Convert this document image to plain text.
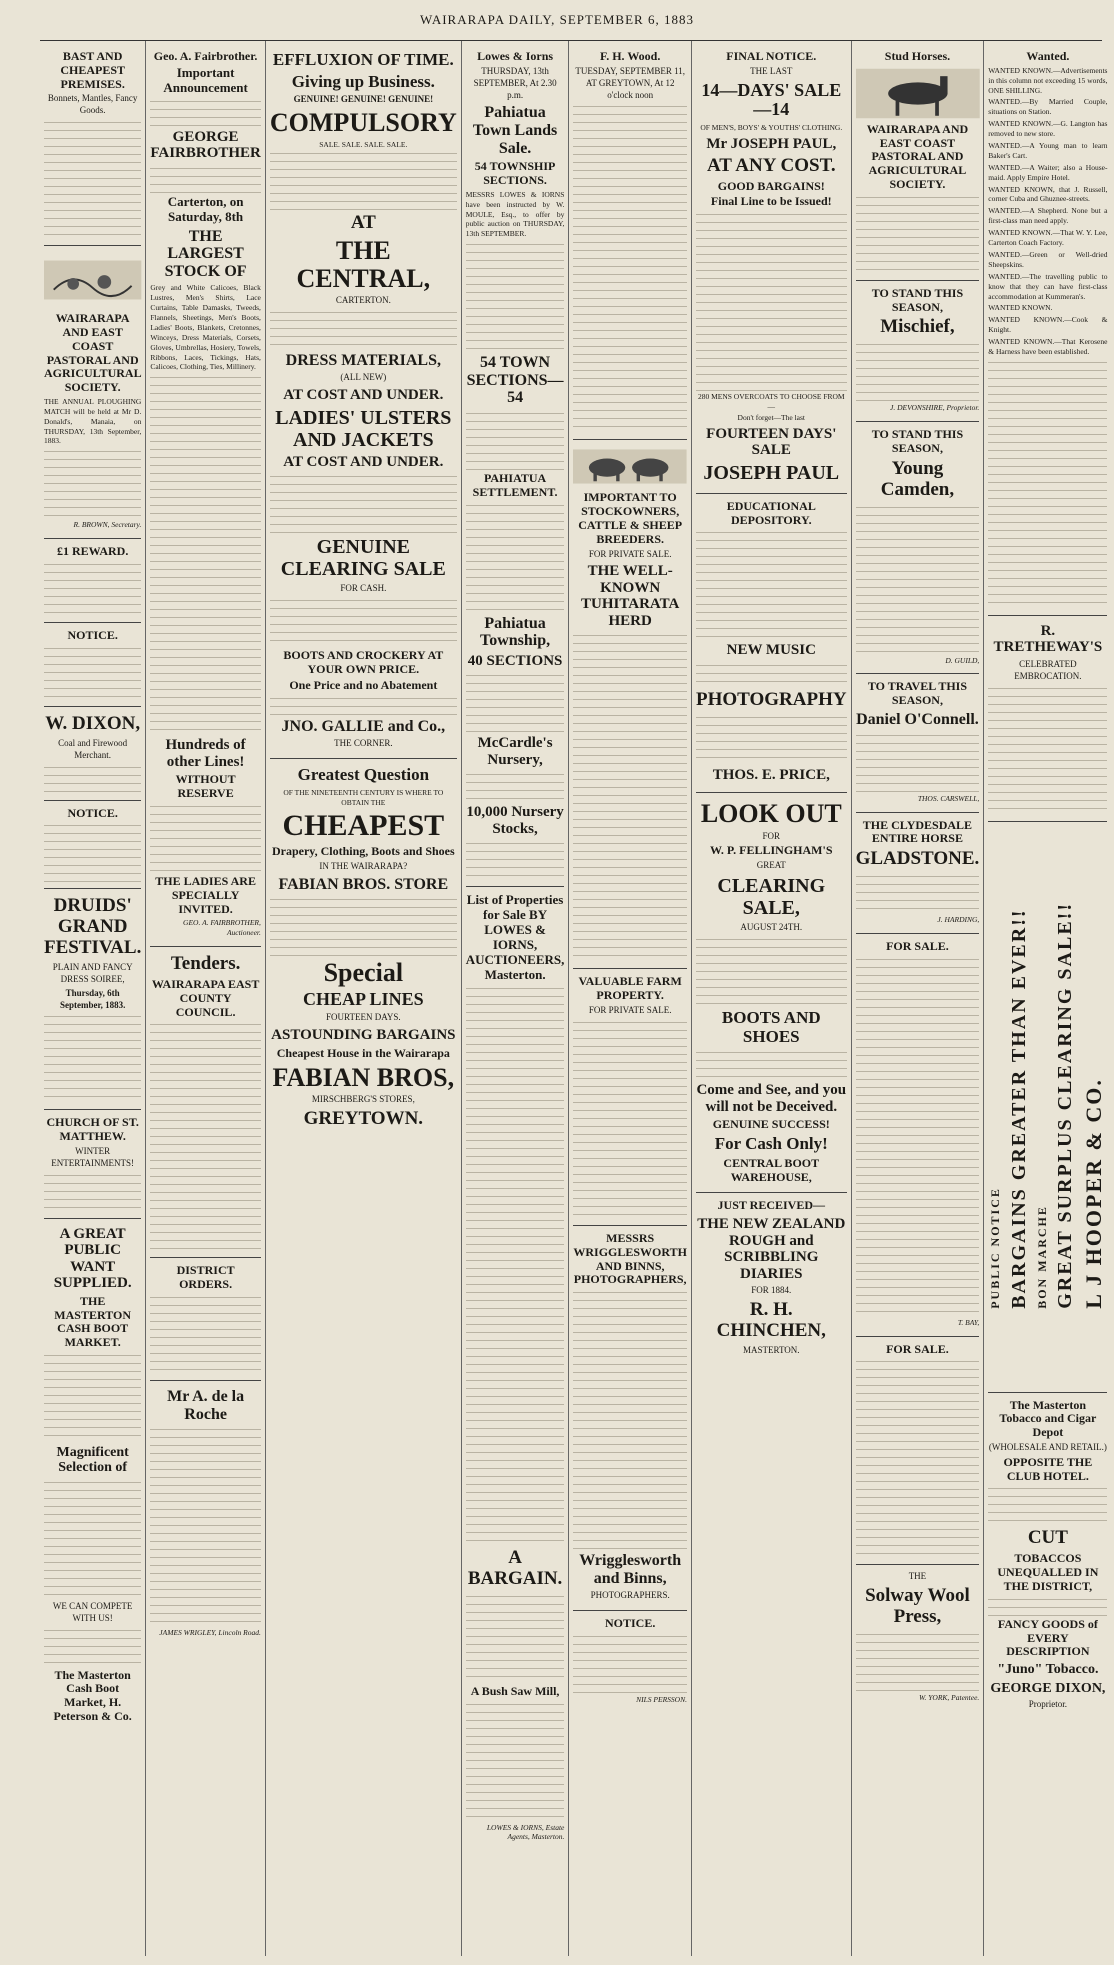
WAIRARAPA DAILY, SEPTEMBER 6, 1883
BAST AND CHEAPEST PREMISES.
Bonnets, Mantles, Fancy Goods.
WAIRARAPA AND EAST COAST PASTORAL AND AGRICULTURAL SOCIETY.
THE ANNUAL PLOUGHING MATCH will be held at Mr D. Donald's, Manaia, on THURSDAY, 13th September, 1883.
R. BROWN, Secretary.
£1 REWARD.
NOTICE.
W. DIXON,
Coal and Firewood Merchant.
NOTICE.
DRUIDS' GRAND FESTIVAL.
PLAIN AND FANCY DRESS SOIREE,
Thursday, 6th September, 1883.
CHURCH OF ST. MATTHEW.
WINTER ENTERTAINMENTS!
A GREAT PUBLIC WANT SUPPLIED.
THE MASTERTON CASH BOOT MARKET.
Magnificent Selection of
WE CAN COMPETE WITH US!
The Masterton Cash Boot Market, H. Peterson & Co.
Geo. A. Fairbrother.
Important Announcement
GEORGE FAIRBROTHER
Carterton, on Saturday, 8th
THE LARGEST STOCK OF
Grey and White Calicoes, Black Lustres, Men's Shirts, Lace Curtains, Table Damasks, Tweeds, Flannels, Sheetings, Men's Boots, Ladies' Boots, Blankets, Cretonnes, Winceys, Dress Materials, Corsets, Gloves, Umbrellas, Hosiery, Towels, Ribbons, Laces, Tickings, Hats, Calicoes, Clothing, Ties, Millinery.
Hundreds of other Lines!
WITHOUT RESERVE
THE LADIES ARE SPECIALLY INVITED.
GEO. A. FAIRBROTHER, Auctioneer.
Tenders.
WAIRARAPA EAST COUNTY COUNCIL.
DISTRICT ORDERS.
Mr A. de la Roche
JAMES WRIGLEY, Lincoln Road.
EFFLUXION OF TIME.
Giving up Business.
GENUINE! GENUINE! GENUINE!
COMPULSORY
SALE. SALE. SALE. SALE.
AT
THE CENTRAL,
CARTERTON.
DRESS MATERIALS,
(ALL NEW)
AT COST AND UNDER.
LADIES' ULSTERS AND JACKETS
AT COST AND UNDER.
GENUINE CLEARING SALE
FOR CASH.
BOOTS AND CROCKERY AT YOUR OWN PRICE.
One Price and no Abatement
JNO. GALLIE and Co.,
THE CORNER.
Greatest Question
OF THE NINETEENTH CENTURY IS WHERE TO OBTAIN THE
CHEAPEST
Drapery, Clothing, Boots and Shoes
IN THE WAIRARAPA?
FABIAN BROS. STORE
Special
CHEAP LINES
FOURTEEN DAYS.
ASTOUNDING BARGAINS
Cheapest House in the Wairarapa
FABIAN BROS,
MIRSCHBERG'S STORES,
GREYTOWN.
Lowes & Iorns
THURSDAY, 13th SEPTEMBER, At 2.30 p.m.
Pahiatua Town Lands Sale.
54 TOWNSHIP SECTIONS.
MESSRS LOWES & IORNS have been instructed by W. MOULE, Esq., to offer by public auction on THURSDAY, 13th SEPTEMBER.
54 TOWN SECTIONS—54
PAHIATUA SETTLEMENT.
Pahiatua Township,
40 SECTIONS
McCardle's Nursery,
10,000 Nursery Stocks,
List of Properties for Sale BY LOWES & IORNS, AUCTIONEERS, Masterton.
A BARGAIN.
A Bush Saw Mill,
LOWES & IORNS, Estate Agents, Masterton.
F. H. Wood.
TUESDAY, SEPTEMBER 11, AT GREYTOWN, At 12 o'clock noon
IMPORTANT TO STOCKOWNERS, CATTLE & SHEEP BREEDERS.
FOR PRIVATE SALE.
THE WELL-KNOWN TUHITARATA HERD
VALUABLE FARM PROPERTY.
FOR PRIVATE SALE.
MESSRS WRIGGLESWORTH AND BINNS, PHOTOGRAPHERS,
Wrigglesworth and Binns,
PHOTOGRAPHERS.
NOTICE.
NILS PERSSON.
FINAL NOTICE.
THE LAST
14—DAYS' SALE—14
OF MEN'S, BOYS' & YOUTHS' CLOTHING.
Mr JOSEPH PAUL,
AT ANY COST.
GOOD BARGAINS!
Final Line to be Issued!
280 MENS OVERCOATS TO CHOOSE FROM—
Don't forget—The last
FOURTEEN DAYS' SALE
JOSEPH PAUL
EDUCATIONAL DEPOSITORY.
NEW MUSIC
PHOTOGRAPHY
THOS. E. PRICE,
LOOK OUT
FOR
W. P. FELLINGHAM'S
GREAT
CLEARING SALE,
AUGUST 24TH.
BOOTS AND SHOES
Come and See, and you will not be Deceived.
GENUINE SUCCESS!
For Cash Only!
CENTRAL BOOT WAREHOUSE,
JUST RECEIVED—
THE NEW ZEALAND ROUGH and SCRIBBLING DIARIES
FOR 1884.
R. H. CHINCHEN,
MASTERTON.
Stud Horses.
WAIRARAPA AND EAST COAST PASTORAL AND AGRICULTURAL SOCIETY.
TO STAND THIS SEASON,
Mischief,
J. DEVONSHIRE, Proprietor.
TO STAND THIS SEASON,
Young Camden,
D. GUILD,
TO TRAVEL THIS SEASON,
Daniel O'Connell.
THOS. CARSWELL,
THE CLYDESDALE ENTIRE HORSE
GLADSTONE.
J. HARDING,
FOR SALE.
T. BAY,
FOR SALE.
THE
Solway Wool Press,
W. YORK, Patentee.
Wanted.
WANTED KNOWN.—Advertisements in this column not exceeding 15 words, ONE SHILLING.
WANTED.—By Married Couple, situations on Station.
WANTED KNOWN.—G. Langton has removed to new store.
WANTED.—A Young man to learn Baker's Cart.
WANTED.—A Waiter; also a House-maid. Apply Empire Hotel.
WANTED KNOWN, that J. Russell, corner Cuba and Ghuznee-streets.
WANTED.—A Shepherd. None but a first-class man need apply.
WANTED KNOWN.—That W. Y. Lee, Carterton Coach Factory.
WANTED.—Green or Well-dried Sheepskins.
WANTED.—The travelling public to know that they can have first-class accommodation at Kummeran's.
WANTED KNOWN.
WANTED KNOWN.—Cook & Knight.
WANTED KNOWN.—That Kerosene & Harness have been established.
R. TRETHEWAY'S
CELEBRATED EMBROCATION.
PUBLIC NOTICE BARGAINS GREATER THAN EVER!! BON MARCHE GREAT SURPLUS CLEARING SALE!! L J HOOPER & CO.
The Masterton Tobacco and Cigar Depot
(WHOLESALE AND RETAIL.)
OPPOSITE THE CLUB HOTEL.
CUT
TOBACCOS UNEQUALLED IN THE DISTRICT,
FANCY GOODS of EVERY DESCRIPTION
"Juno" Tobacco.
GEORGE DIXON,
Proprietor.
